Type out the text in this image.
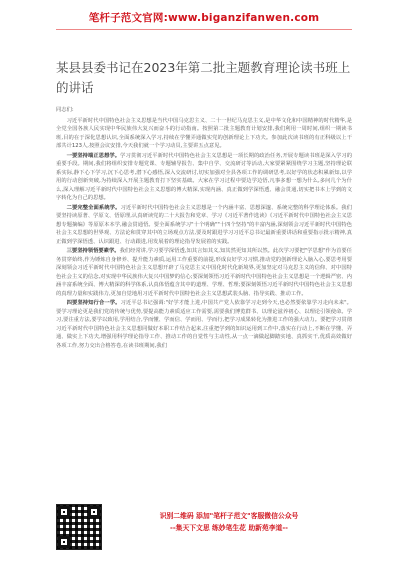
笔杆子范文官网:www.biganzifanwen.com
某县县委书记在2023年第二批主题教育理论读书班上的讲话

同志们:

习近平新时代中国特色社会主义思想是当代中国马克思主义、二十一世纪马克思主义,是中华文化和中国精神的时代精华,是全党全国各族人民实现中华民族伟大复兴而奋斗的行动指南。按照第二批主题教育计划安排,我们利用一周时间,组织一期读书班,目的在于深化思想认识,全面系统深入学习,持续在学懂弄通做实党的创新理论上下功夫。参加此次读书班的有正科级以上干部共计123人,按照会议安排,今天我们就一个学习动员,主要讲五点意见。

一要坚持端正思想学。学习贯彻习近平新时代中国特色社会主义思想是一项长期的政治任务,开展专题读书班是深入学习的重要手段。期间,我们将组织安排专题党课、专题辅导报告、集中自学、交流研讨等活动,大家要紧紧围绕学习主题,坚持理论联系实际,静下心下学习,沉下心思考,潜下心感悟,深入交流研讨,切实加强对全县各项工作的调研思考,以好学的状态积累新知,以学用的行动创新突破,为持续深入开展主题教育打下坚实基础。大家在学习过程中要边学边悟,凡事多想一想为什么,多问几个为什么,深入理解习近平新时代中国特色社会主义思想的博大精深,实现内涵、真正做到学深悟透、融会贯通,切实把书本上学到的文字转化为自己的思想。

二要完整全面系统学。习近平新时代中国特色社会主义思想是一个内涵丰富、思想深邃、系统完整的科学理论体系。我们要坚持读原著、学原文、悟原理,认真研读党的二十大报告和党章、学习《习近平著作选读》《习近平新时代中国特色社会主义思想专题摘编》等原原本本学,融会贯通悟。要全面系统学习"十个明确""十四个坚持"的丰富内涵,深刻领会习近平新时代中国特色社会主义思想的世界观、方法论和贯穿其中的立场观点方法,要及时跟进学习习近平总书记最新重要讲话和重要指示批示精神,真正做到学深悟透、认识跟进、行动跟进,用发展着的理论指导发展着的实践。

三要坚持领悟要素学。我们经常讲,学习要学深悟透,知其言知其义,知其然更知其所以然。此次学习要把"学思想"作为首要任务贯穿始终,作为锤炼自身修养、提升能力素质,运用工作重要的前提,形成良好学习习惯,推动党的创新理论入脑入心,要思考用要深刻领会习近平新时代中国特色社会主义思想开辟了马克思主义中国化时代化新境界,更加坚定对马克思主义的信仰、对中国特色社会主义的信念,对实现中华民族伟大复兴中国梦的信心;要深刻领悟习近平新时代中国特色社会主义思想是一个逻辑严密、内涵丰富系统全面、博大精深的科学体系,认真体悟蕴含其中的道理、学理、哲理;要深刻领悟习近平新时代中国特色社会主义思想的真理力量和实践伟力,更加自觉地用习近平新时代中国特色社会主义思想武装头脑、指导实践、推动工作。

四要坚持知行合一学。习近平总书记强调:"好学才能上进,中国共产党人依靠学习走到今天,也必然要依靠学习走向未来"。要学习理论更是我们党的传统与优势,要提高能力素质适应工作需要,需要我们博览群书、以理论滋养初心、以理论引领使命。学习,要注重方法,要学以致用,学用结合,学而懂、学而信、学而用、学而行,把学习成果转化为推进工作的强大动力。要把学习贯彻习近平新时代中国特色社会主义思想同做好本职工作结合起来,注重把学到的知识运用到工作中,落实在行动上,不断在学懂、弄通、做实上下功夫,增强用科学理论指导工作、推动工作的自觉性与主动性,从一点一滴做起脚踏实地、真抓实干,优质高效做好各项工作,努力交出合格答卷,在读书班期间,我们

识别二维码 添加"笔杆子范文"客服微信公众号
--集天下文思 练妙笔生花 助新苑李道--
